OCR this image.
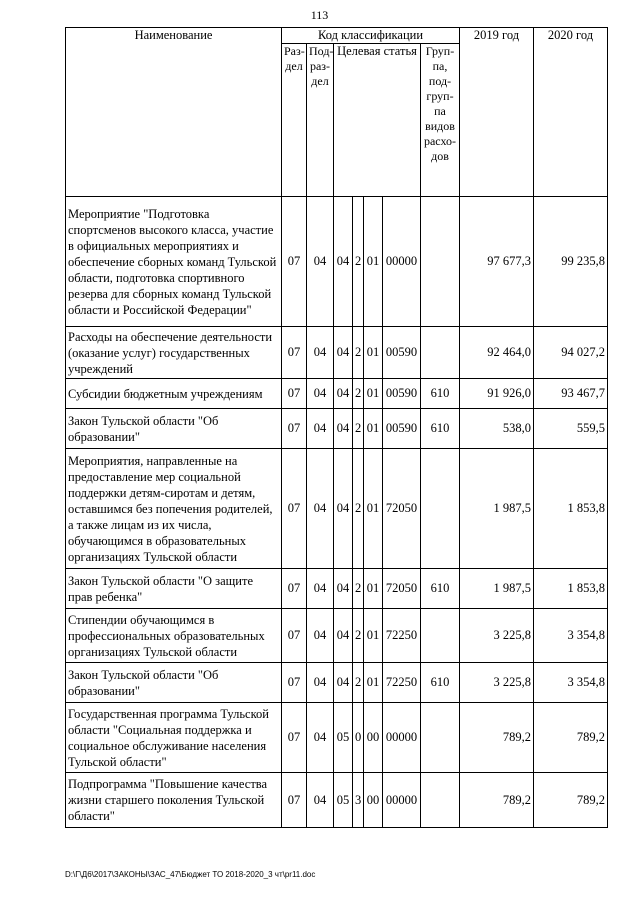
113
Наименование	Код классификации							2019 год	2020 год
	Раз- дел	Под- раз- дел	Целевая статья				Груп- па, под- груп- па видов расхо- дов		
Мероприятие "Подготовка спортсменов высокого класса, участие в официальных мероприятиях и обеспечение сборных команд Тульской области, подготовка спортивного резерва для сборных команд Тульской области и Российской Федерации"	07	04	04	2	01	00000		97 677,3	99 235,8
Расходы на обеспечение деятельности (оказание услуг) государственных учреждений	07	04	04	2	01	00590		92 464,0	94 027,2
Субсидии бюджетным учреждениям	07	04	04	2	01	00590	610	91 926,0	93 467,7
Закон Тульской области "Об образовании"	07	04	04	2	01	00590	610	538,0	559,5
Мероприятия, направленные на предоставление мер социальной поддержки детям-сиротам и детям, оставшимся без попечения родителей, а также лицам из их числа, обучающимся в образовательных организациях Тульской области	07	04	04	2	01	72050		1 987,5	1 853,8
Закон Тульской области "О защите прав ребенка"	07	04	04	2	01	72050	610	1 987,5	1 853,8
Стипендии обучающимся в профессиональных образовательных организациях Тульской области	07	04	04	2	01	72250		3 225,8	3 354,8
Закон Тульской области "Об образовании"	07	04	04	2	01	72250	610	3 225,8	3 354,8
Государственная программа Тульской области "Социальная поддержка и социальное обслуживание населения Тульской области"	07	04	05	0	00	00000		789,2	789,2
Подпрограмма "Повышение качества жизни старшего поколения Тульской области"	07	04	05	3	00	00000		789,2	789,2
D:\Г\Д6\2017\ЗАКОНЫ\ЗАС_47\Бюджет ТО 2018-2020_3 чт\pr11.doc
